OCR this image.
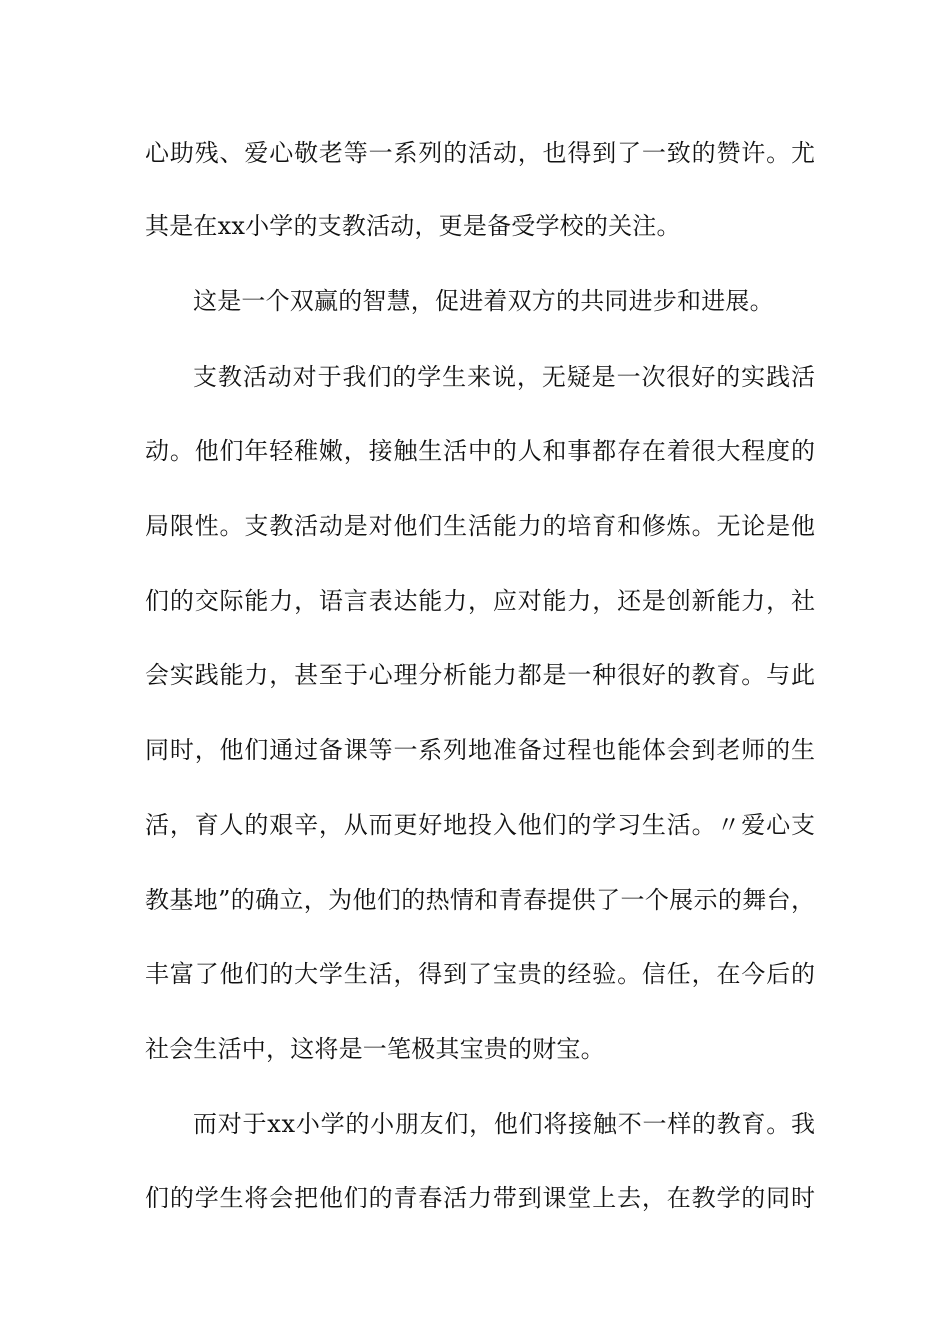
心助残、爱心敬老等一系列的活动，也得到了一致的赞许。尤
其是在xx小学的支教活动，更是备受学校的关注。
这是一个双赢的智慧，促进着双方的共同进步和进展。
支教活动对于我们的学生来说，无疑是一次很好的实践活
动。他们年轻稚嫩，接触生活中的人和事都存在着很大程度的
局限性。支教活动是对他们生活能力的培育和修炼。无论是他
们的交际能力，语言表达能力，应对能力，还是创新能力，社
会实践能力，甚至于心理分析能力都是一种很好的教育。与此
同时，他们通过备课等一系列地准备过程也能体会到老师的生
活，育人的艰辛，从而更好地投入他们的学习生活。〃爱心支
教基地”的确立，为他们的热情和青春提供了一个展示的舞台，
丰富了他们的大学生活，得到了宝贵的经验。信任，在今后的
社会生活中，这将是一笔极其宝贵的财宝。
而对于xx小学的小朋友们，他们将接触不一样的教育。我
们的学生将会把他们的青春活力带到课堂上去，在教学的同时
